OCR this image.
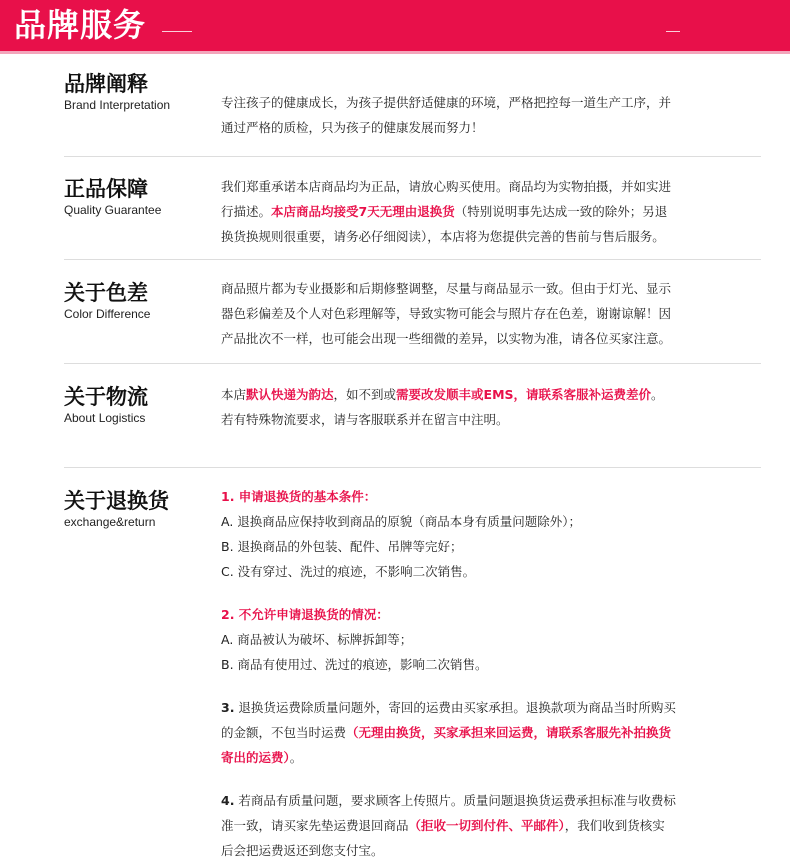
品牌服务
品牌阐释
Brand Interpretation	专注孩子的健康成长，为孩子提供舒适健康的环境，严格把控每一道生产工序，并

通过严格的质检，只为孩子的健康发展而努力！

正品保障
Quality Guarantee

我们郑重承诺本店商品均为正品，请放心购买使用。商品均为实物拍摄，并如实进

行描述。本店商品均接受7天无理由退换货（特别说明事先达成一致的除外；另退

换货换规则很重要，请务必仔细阅读），本店将为您提供完善的售前与售后服务。

关于色差
Color Difference

商品照片都为专业摄影和后期修整调整，尽量与商品显示一致。但由于灯光、显示

器色彩偏差及个人对色彩理解等，导致实物可能会与照片存在色差，谢谢谅解！因

产品批次不一样，也可能会出现一些细微的差异，以实物为准，请各位买家注意。

关于物流
About Logistics

本店默认快递为韵达，如不到或需要改发顺丰或EMS，请联系客服补运费差价。

若有特殊物流要求，请与客服联系并在留言中注明。

关于退换货
exchange&return

1. 申请退换货的基本条件：

A. 退换商品应保持收到商品的原貌（商品本身有质量问题除外）；

B. 退换商品的外包装、配件、吊牌等完好；

C. 没有穿过、洗过的痕迹，不影响二次销售。

2. 不允许申请退换货的情况：

A. 商品被认为破坏、标牌拆卸等；

B. 商品有使用过、洗过的痕迹，影响二次销售。

3. 退换货运费除质量问题外，寄回的运费由买家承担。退换款项为商品当时所购买

的金额，不包当时运费（无理由换货，买家承担来回运费，请联系客服先补拍换货

寄出的运费）。

4. 若商品有质量问题，要求顾客上传照片。质量问题退换货运费承担标准与收费标

准一致，请买家先垫运费退回商品（拒收一切到付件、平邮件），我们收到货核实

后会把运费返还到您支付宝。
